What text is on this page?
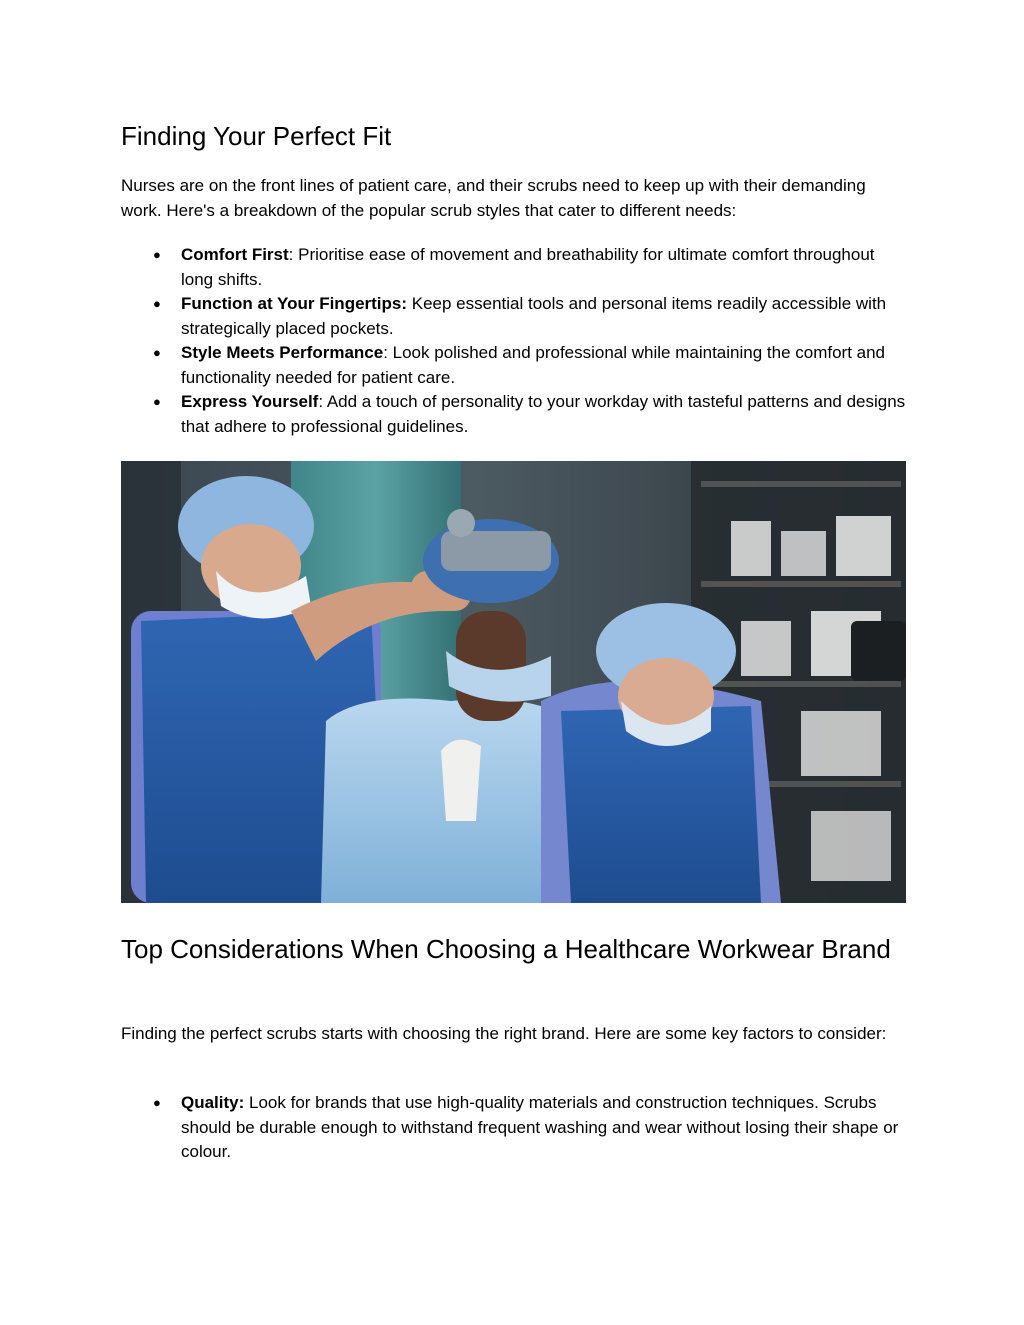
Finding Your Perfect Fit

Nurses are on the front lines of patient care, and their scrubs need to keep up with their demanding work. Here's a breakdown of the popular scrub styles that cater to different needs:

● Comfort First: Prioritise ease of movement and breathability for ultimate comfort throughout long shifts.
● Function at Your Fingertips: Keep essential tools and personal items readily accessible with strategically placed pockets.
● Style Meets Performance: Look polished and professional while maintaining the comfort and functionality needed for patient care.
● Express Yourself: Add a touch of personality to your workday with tasteful patterns and designs that adhere to professional guidelines.
Top Considerations When Choosing a Healthcare Workwear Brand

Finding the perfect scrubs starts with choosing the right brand. Here are some key factors to consider:

● Quality: Look for brands that use high-quality materials and construction techniques. Scrubs should be durable enough to withstand frequent washing and wear without losing their shape or colour.
